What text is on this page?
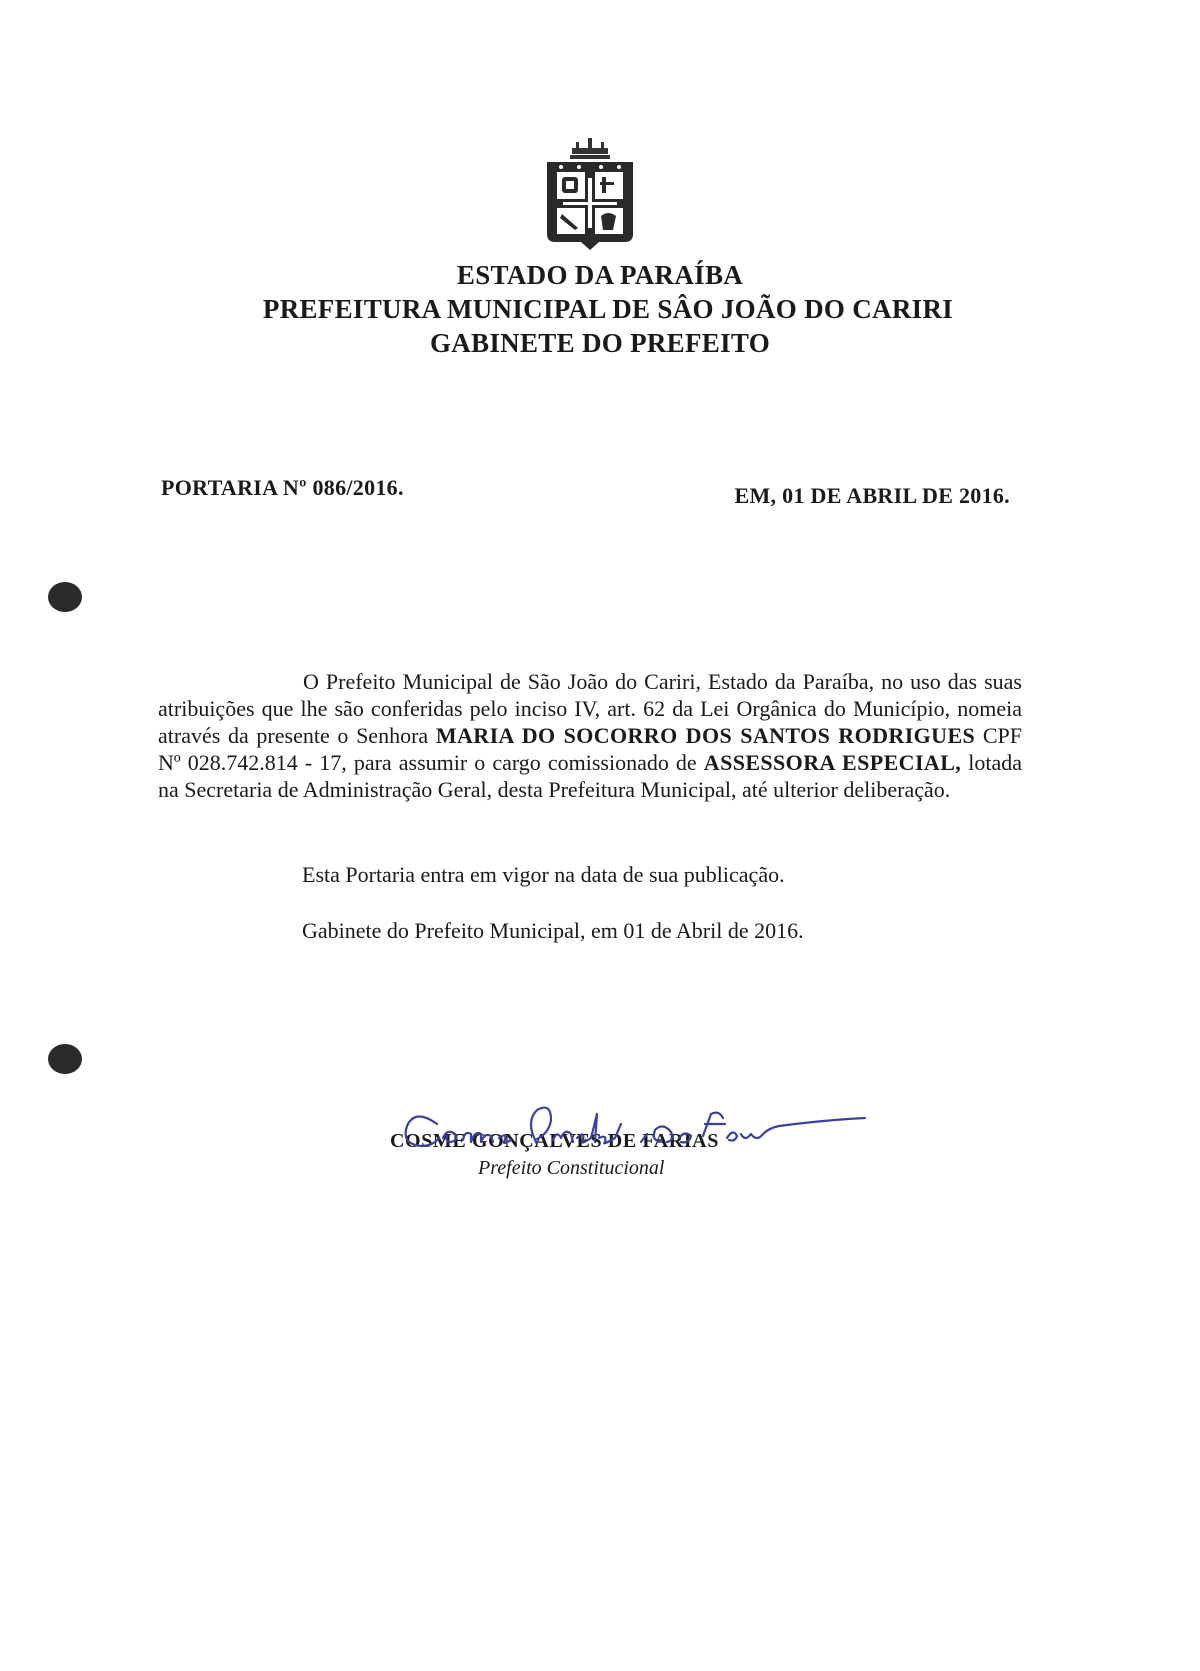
ESTADO DA PARAÍBA
PREFEITURA MUNICIPAL DE SÂO JOÃO DO CARIRI
GABINETE DO PREFEITO
PORTARIA Nº 086/2016.	EM, 01 DE ABRIL DE 2016.

O Prefeito Municipal de São João do Cariri, Estado da Paraíba, no uso das suas atribuições que lhe são conferidas pelo inciso IV, art. 62 da Lei Orgânica do Município, nomeia através da presente o Senhora MARIA DO SOCORRO DOS SANTOS RODRIGUES CPF Nº 028.742.814 - 17, para assumir o cargo comissionado de ASSESSORA ESPECIAL, lotada na Secretaria de Administração Geral, desta Prefeitura Municipal, até ulterior deliberação.

Esta Portaria entra em vigor na data de sua publicação.
Gabinete do Prefeito Municipal, em 01 de Abril de 2016.
COSME GONÇALVES DE FARIAS
Prefeito Constitucional
